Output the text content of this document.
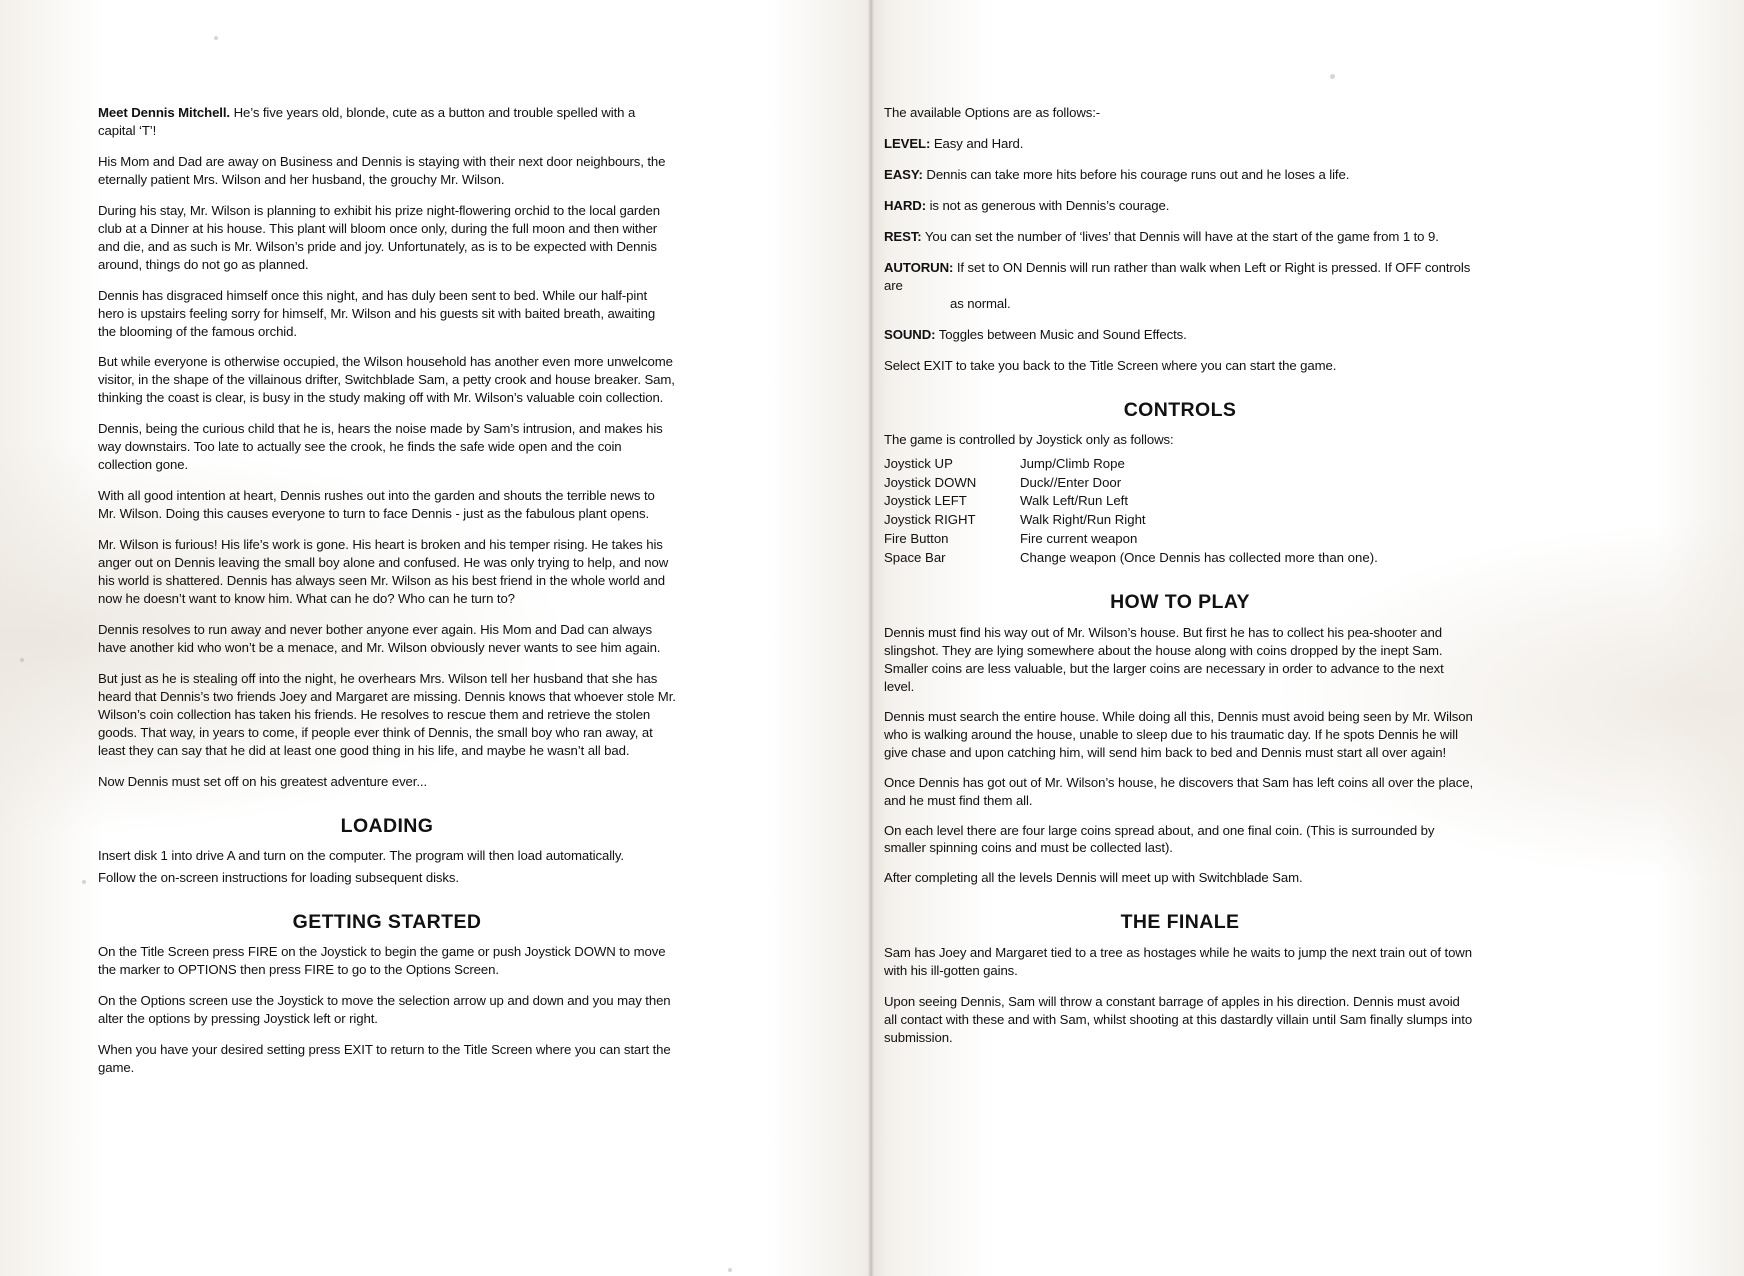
Meet Dennis Mitchell. He’s five years old, blonde, cute as a button and trouble spelled with a capital ‘T’!

His Mom and Dad are away on Business and Dennis is staying with their next door neighbours, the eternally patient Mrs. Wilson and her husband, the grouchy Mr. Wilson.

During his stay, Mr. Wilson is planning to exhibit his prize night-flowering orchid to the local garden club at a Dinner at his house. This plant will bloom once only, during the full moon and then wither and die, and as such is Mr. Wilson’s pride and joy. Unfortunately, as is to be expected with Dennis around, things do not go as planned.

Dennis has disgraced himself once this night, and has duly been sent to bed. While our half-pint hero is upstairs feeling sorry for himself, Mr. Wilson and his guests sit with baited breath, awaiting the blooming of the famous orchid.

But while everyone is otherwise occupied, the Wilson household has another even more unwelcome visitor, in the shape of the villainous drifter, Switchblade Sam, a petty crook and house breaker. Sam, thinking the coast is clear, is busy in the study making off with Mr. Wilson’s valuable coin collection.

Dennis, being the curious child that he is, hears the noise made by Sam’s intrusion, and makes his way downstairs. Too late to actually see the crook, he finds the safe wide open and the coin collection gone.

With all good intention at heart, Dennis rushes out into the garden and shouts the terrible news to Mr. Wilson. Doing this causes everyone to turn to face Dennis - just as the fabulous plant opens.

Mr. Wilson is furious! His life’s work is gone. His heart is broken and his temper rising. He takes his anger out on Dennis leaving the small boy alone and confused. He was only trying to help, and now his world is shattered. Dennis has always seen Mr. Wilson as his best friend in the whole world and now he doesn’t want to know him. What can he do? Who can he turn to?

Dennis resolves to run away and never bother anyone ever again. His Mom and Dad can always have another kid who won’t be a menace, and Mr. Wilson obviously never wants to see him again.

But just as he is stealing off into the night, he overhears Mrs. Wilson tell her husband that she has heard that Dennis’s two friends Joey and Margaret are missing. Dennis knows that whoever stole Mr. Wilson’s coin collection has taken his friends. He resolves to rescue them and retrieve the stolen goods. That way, in years to come, if people ever think of Dennis, the small boy who ran away, at least they can say that he did at least one good thing in his life, and maybe he wasn’t all bad.

Now Dennis must set off on his greatest adventure ever...

LOADING

Insert disk 1 into drive A and turn on the computer. The program will then load automatically.

Follow the on-screen instructions for loading subsequent disks.

GETTING STARTED

On the Title Screen press FIRE on the Joystick to begin the game or push Joystick DOWN to move the marker to OPTIONS then press FIRE to go to the Options Screen.

On the Options screen use the Joystick to move the selection arrow up and down and you may then alter the options by pressing Joystick left or right.

When you have your desired setting press EXIT to return to the Title Screen where you can start the game.

The available Options are as follows:-

LEVEL: Easy and Hard.

EASY: Dennis can take more hits before his courage runs out and he loses a life.

HARD: is not as generous with Dennis’s courage.

REST: You can set the number of ‘lives’ that Dennis will have at the start of the game from 1 to 9.

AUTORUN: If set to ON Dennis will run rather than walk when Left or Right is pressed. If OFF controls are
as normal.

SOUND: Toggles between Music and Sound Effects.

Select EXIT to take you back to the Title Screen where you can start the game.

CONTROLS

The game is controlled by Joystick only as follows:

Joystick UP	Jump/Climb Rope
Joystick DOWN	Duck//Enter Door
Joystick LEFT	Walk Left/Run Left
Joystick RIGHT	Walk Right/Run Right
Fire Button	Fire current weapon
Space Bar	Change weapon (Once Dennis has collected more than one).
HOW TO PLAY

Dennis must find his way out of Mr. Wilson’s house. But first he has to collect his pea-shooter and slingshot. They are lying somewhere about the house along with coins dropped by the inept Sam. Smaller coins are less valuable, but the larger coins are necessary in order to advance to the next level.

Dennis must search the entire house. While doing all this, Dennis must avoid being seen by Mr. Wilson who is walking around the house, unable to sleep due to his traumatic day. If he spots Dennis he will give chase and upon catching him, will send him back to bed and Dennis must start all over again!

Once Dennis has got out of Mr. Wilson’s house, he discovers that Sam has left coins all over the place, and he must find them all.

On each level there are four large coins spread about, and one final coin. (This is surrounded by smaller spinning coins and must be collected last).

After completing all the levels Dennis will meet up with Switchblade Sam.

THE FINALE

Sam has Joey and Margaret tied to a tree as hostages while he waits to jump the next train out of town with his ill-gotten gains.

Upon seeing Dennis, Sam will throw a constant barrage of apples in his direction. Dennis must avoid all contact with these and with Sam, whilst shooting at this dastardly villain until Sam finally slumps into submission.
